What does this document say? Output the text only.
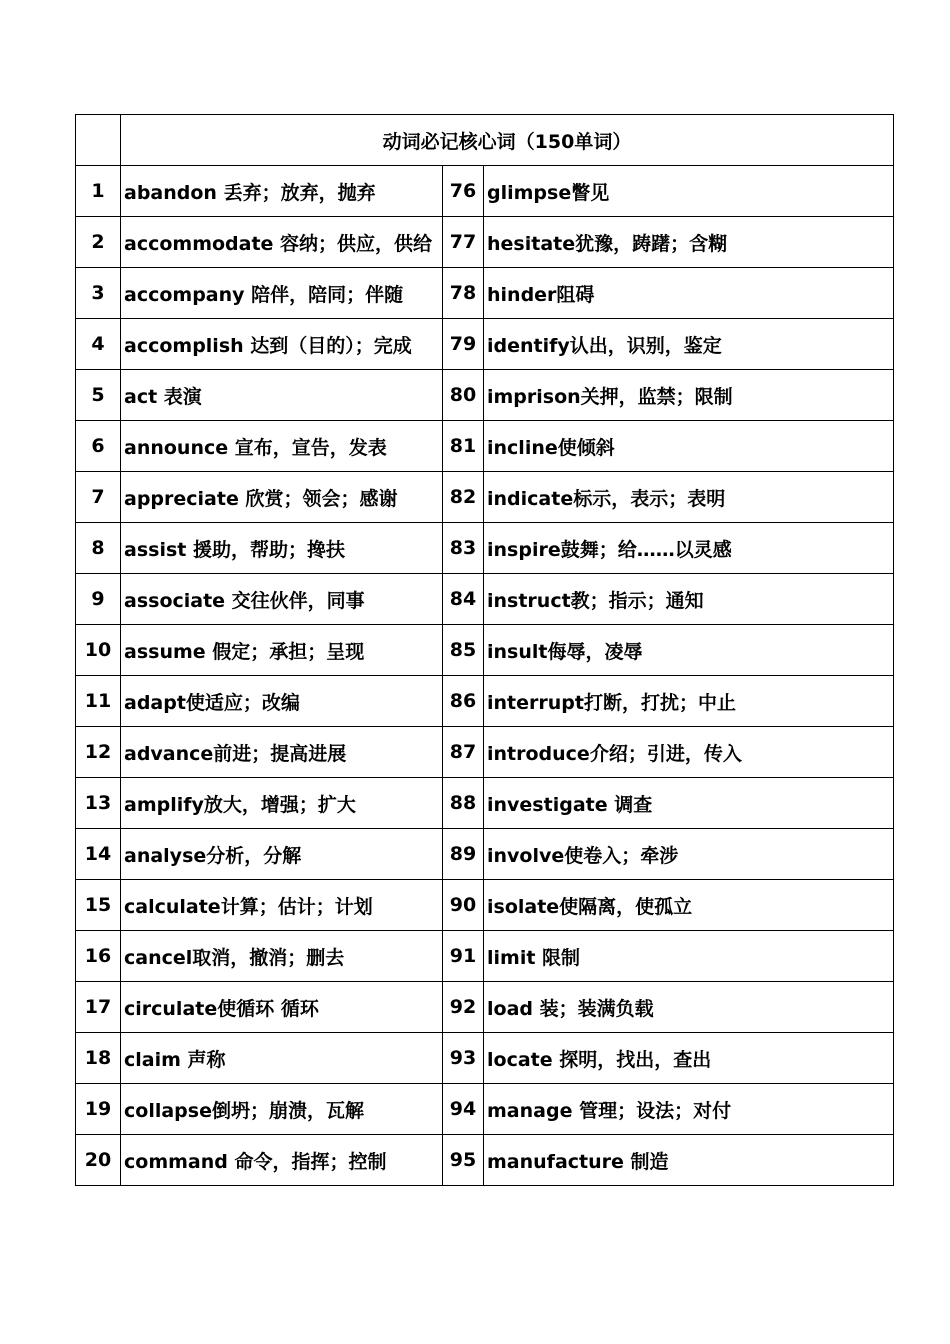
	动词必记核心词（150单词）		
1	abandon 丢弃；放弃，抛弃	76	glimpse瞥见
2	accommodate 容纳；供应，供给	77	hesitate犹豫，踌躇；含糊
3	accompany 陪伴，陪同；伴随	78	hinder阻碍
4	accomplish 达到（目的）；完成	79	identify认出，识别，鉴定
5	act 表演	80	imprison关押，监禁；限制
6	announce 宣布，宣告，发表	81	incline使倾斜
7	appreciate 欣赏；领会；感谢	82	indicate标示，表示；表明
8	assist 援助，帮助；搀扶	83	inspire鼓舞；给……以灵感
9	associate 交往伙伴，同事	84	instruct教；指示；通知
10	assume 假定；承担；呈现	85	insult侮辱，凌辱
11	adapt使适应；改编	86	interrupt打断，打扰；中止
12	advance前进；提高进展	87	introduce介绍；引进，传入
13	amplify放大，增强；扩大	88	investigate 调查
14	analyse分析，分解	89	involve使卷入；牵涉
15	calculate计算；估计；计划	90	isolate使隔离，使孤立
16	cancel取消，撤消；删去	91	limit 限制
17	circulate使循环 循环	92	load 装；装满负载
18	claim 声称	93	locate 探明，找出，查出
19	collapse倒坍；崩溃，瓦解	94	manage 管理；设法；对付
20	command 命令，指挥；控制	95	manufacture 制造
